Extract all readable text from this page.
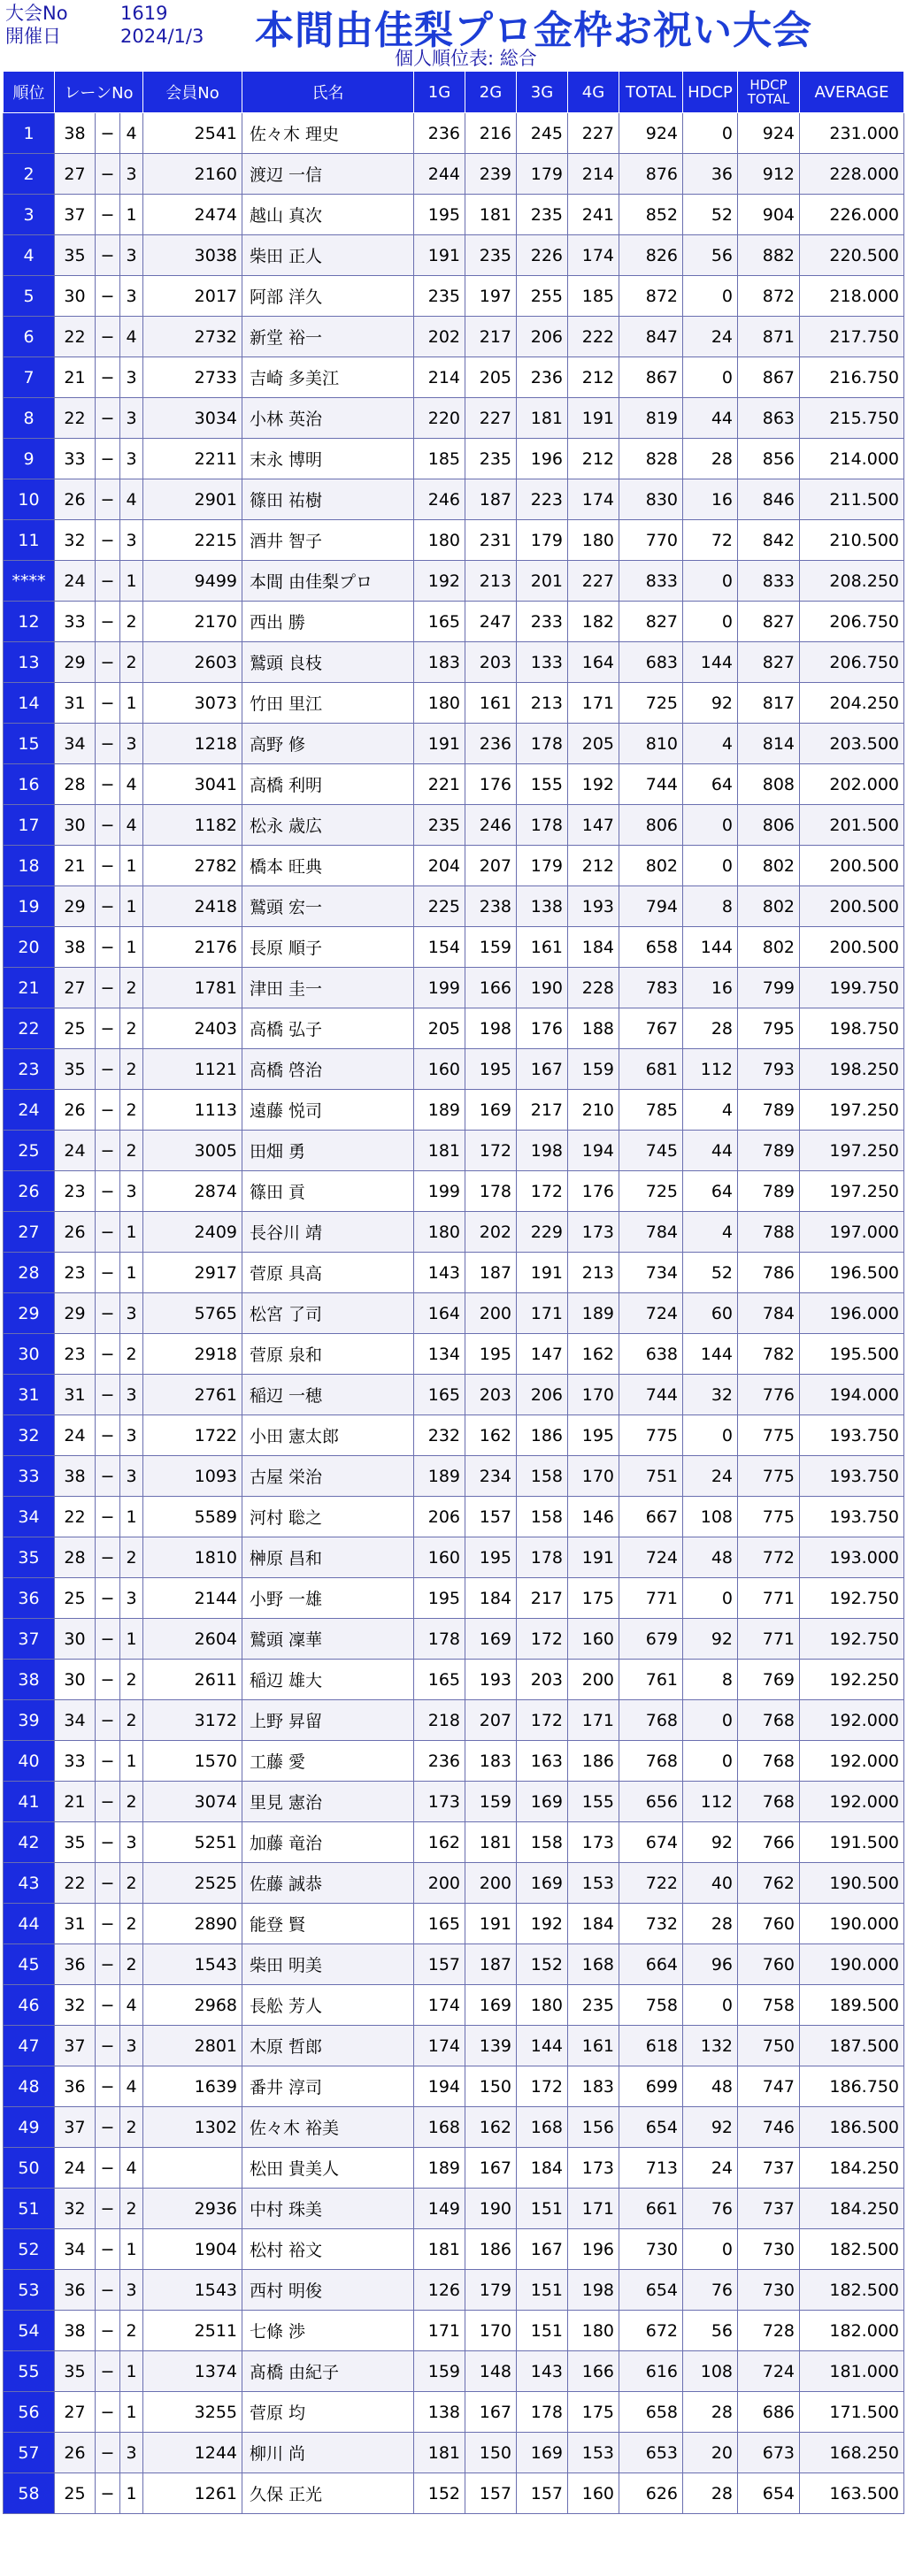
大会No	1619
開催日	2024/1/3 本間由佳梨プロ金枠お祝い大会
個人順位表: 総合
順位	レーンNo			会員No	氏名	1G	2G	3G	4G	TOTAL	HDCP	HDCP TOTAL	AVERAGE
1	38	−	4	2541	佐々木 理史	236	216	245	227	924	0	924	231.000
2	27	−	3	2160	渡辺 一信	244	239	179	214	876	36	912	228.000
3	37	−	1	2474	越山 真次	195	181	235	241	852	52	904	226.000
4	35	−	3	3038	柴田 正人	191	235	226	174	826	56	882	220.500
5	30	−	3	2017	阿部 洋久	235	197	255	185	872	0	872	218.000
6	22	−	4	2732	新堂 裕一	202	217	206	222	847	24	871	217.750
7	21	−	3	2733	吉崎 多美江	214	205	236	212	867	0	867	216.750
8	22	−	3	3034	小林 英治	220	227	181	191	819	44	863	215.750
9	33	−	3	2211	末永 博明	185	235	196	212	828	28	856	214.000
10	26	−	4	2901	篠田 祐樹	246	187	223	174	830	16	846	211.500
11	32	−	3	2215	酒井 智子	180	231	179	180	770	72	842	210.500
****	24	−	1	9499	本間 由佳梨プロ	192	213	201	227	833	0	833	208.250
12	33	−	2	2170	西出 勝	165	247	233	182	827	0	827	206.750
13	29	−	2	2603	鷲頭 良枝	183	203	133	164	683	144	827	206.750
14	31	−	1	3073	竹田 里江	180	161	213	171	725	92	817	204.250
15	34	−	3	1218	高野 修	191	236	178	205	810	4	814	203.500
16	28	−	4	3041	高橋 利明	221	176	155	192	744	64	808	202.000
17	30	−	4	1182	松永 歳広	235	246	178	147	806	0	806	201.500
18	21	−	1	2782	橋本 旺典	204	207	179	212	802	0	802	200.500
19	29	−	1	2418	鷲頭 宏一	225	238	138	193	794	8	802	200.500
20	38	−	1	2176	長原 順子	154	159	161	184	658	144	802	200.500
21	27	−	2	1781	津田 圭一	199	166	190	228	783	16	799	199.750
22	25	−	2	2403	高橋 弘子	205	198	176	188	767	28	795	198.750
23	35	−	2	1121	高橋 啓治	160	195	167	159	681	112	793	198.250
24	26	−	2	1113	遠藤 悦司	189	169	217	210	785	4	789	197.250
25	24	−	2	3005	田畑 勇	181	172	198	194	745	44	789	197.250
26	23	−	3	2874	篠田 貢	199	178	172	176	725	64	789	197.250
27	26	−	1	2409	長谷川 靖	180	202	229	173	784	4	788	197.000
28	23	−	1	2917	菅原 具高	143	187	191	213	734	52	786	196.500
29	29	−	3	5765	松宮 了司	164	200	171	189	724	60	784	196.000
30	23	−	2	2918	菅原 泉和	134	195	147	162	638	144	782	195.500
31	31	−	3	2761	稲辺 一穂	165	203	206	170	744	32	776	194.000
32	24	−	3	1722	小田 憲太郎	232	162	186	195	775	0	775	193.750
33	38	−	3	1093	古屋 栄治	189	234	158	170	751	24	775	193.750
34	22	−	1	5589	河村 聡之	206	157	158	146	667	108	775	193.750
35	28	−	2	1810	榊原 昌和	160	195	178	191	724	48	772	193.000
36	25	−	3	2144	小野 一雄	195	184	217	175	771	0	771	192.750
37	30	−	1	2604	鷲頭 凜華	178	169	172	160	679	92	771	192.750
38	30	−	2	2611	稲辺 雄大	165	193	203	200	761	8	769	192.250
39	34	−	2	3172	上野 昇留	218	207	172	171	768	0	768	192.000
40	33	−	1	1570	工藤 愛	236	183	163	186	768	0	768	192.000
41	21	−	2	3074	里見 憲治	173	159	169	155	656	112	768	192.000
42	35	−	3	5251	加藤 竜治	162	181	158	173	674	92	766	191.500
43	22	−	2	2525	佐藤 誠恭	200	200	169	153	722	40	762	190.500
44	31	−	2	2890	能登 賢	165	191	192	184	732	28	760	190.000
45	36	−	2	1543	柴田 明美	157	187	152	168	664	96	760	190.000
46	32	−	4	2968	長舩 芳人	174	169	180	235	758	0	758	189.500
47	37	−	3	2801	木原 哲郎	174	139	144	161	618	132	750	187.500
48	36	−	4	1639	番井 淳司	194	150	172	183	699	48	747	186.750
49	37	−	2	1302	佐々木 裕美	168	162	168	156	654	92	746	186.500
50	24	−	4		松田 貴美人	189	167	184	173	713	24	737	184.250
51	32	−	2	2936	中村 珠美	149	190	151	171	661	76	737	184.250
52	34	−	1	1904	松村 裕文	181	186	167	196	730	0	730	182.500
53	36	−	3	1543	西村 明俊	126	179	151	198	654	76	730	182.500
54	38	−	2	2511	七條 渉	171	170	151	180	672	56	728	182.000
55	35	−	1	1374	髙橋 由紀子	159	148	143	166	616	108	724	181.000
56	27	−	1	3255	菅原 均	138	167	178	175	658	28	686	171.500
57	26	−	3	1244	柳川 尚	181	150	169	153	653	20	673	168.250
58	25	−	1	1261	久保 正光	152	157	157	160	626	28	654	163.500
